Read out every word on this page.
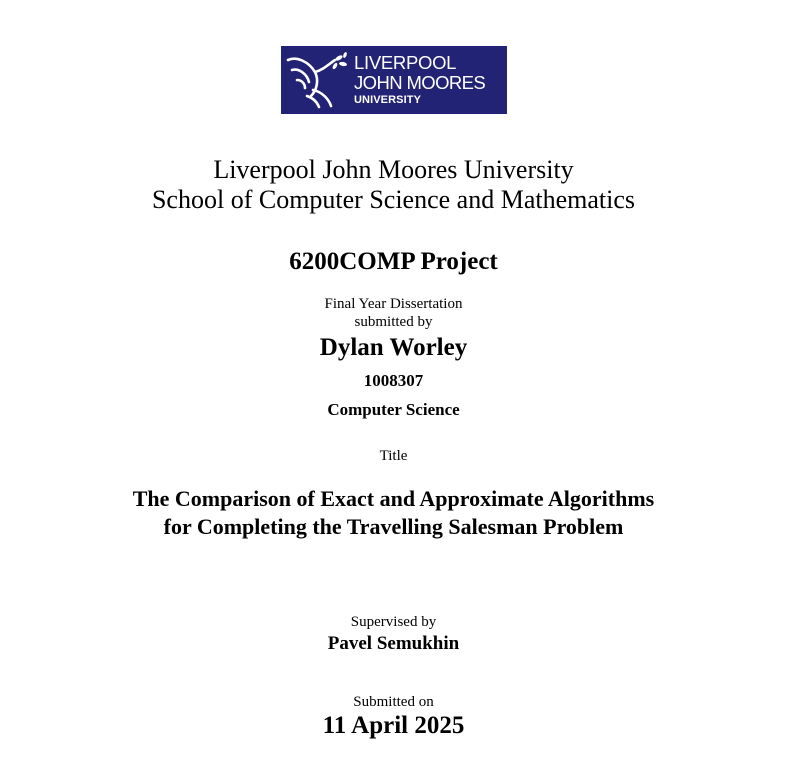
LIVERPOOL
JOHN MOORES
UNIVERSITY
Liverpool John Moores University
School of Computer Science and Mathematics
6200COMP Project
Final Year Dissertation
submitted by
Dylan Worley
1008307
Computer Science
Title
The Comparison of Exact and Approximate Algorithms
for Completing the Travelling Salesman Problem
Supervised by
Pavel Semukhin
Submitted on
11 April 2025
